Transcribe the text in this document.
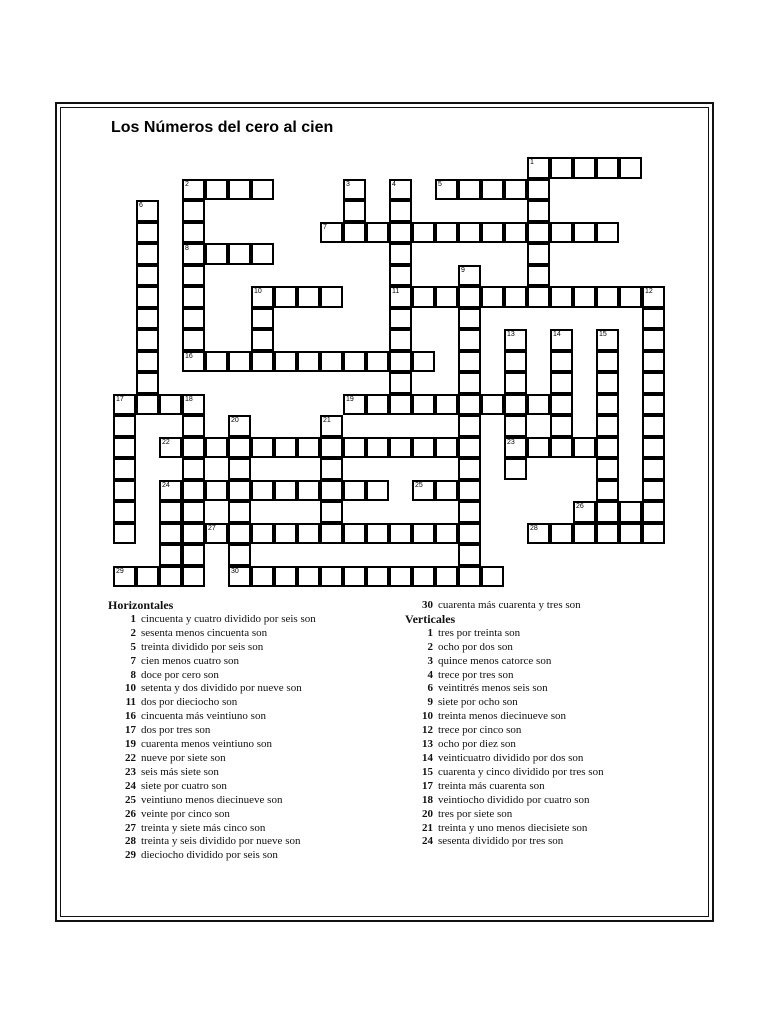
Los Números del cero al cien
1
2	5
7
8
10	11
16
17	18	19
22	23
24	25
26
27	28
29	30
3	4
6
9
12
13	14	15
20	21
Horizontales
1 cincuenta y cuatro dividido por seis son
2 sesenta menos cincuenta son
5 treinta dividido por seis son
7 cien menos cuatro son
8 doce por cero son
10 setenta y dos dividido por nueve son
11 dos por dieciocho son
16 cincuenta más veintiuno son
17 dos por tres son
19 cuarenta menos veintiuno son
22 nueve por siete son
23 seis más siete son
24 siete por cuatro son
25 veintiuno menos diecinueve son
26 veinte por cinco son
27 treinta y siete más cinco son
28 treinta y seis dividido por nueve son
29 dieciocho dividido por seis son
30 cuarenta más cuarenta y tres son
Verticales
1 tres por treinta son
2 ocho por dos son
3 quince menos catorce son
4 trece por tres son
6 veintitrés menos seis son
9 siete por ocho son
10 treinta menos diecinueve son
12 trece por cinco son
13 ocho por diez son
14 veinticuatro dividido por dos son
15 cuarenta y cinco dividido por tres son
17 treinta más cuarenta son
18 veintiocho dividido por cuatro son
20 tres por siete son
21 treinta y uno menos diecisiete son
24 sesenta dividido por tres son
